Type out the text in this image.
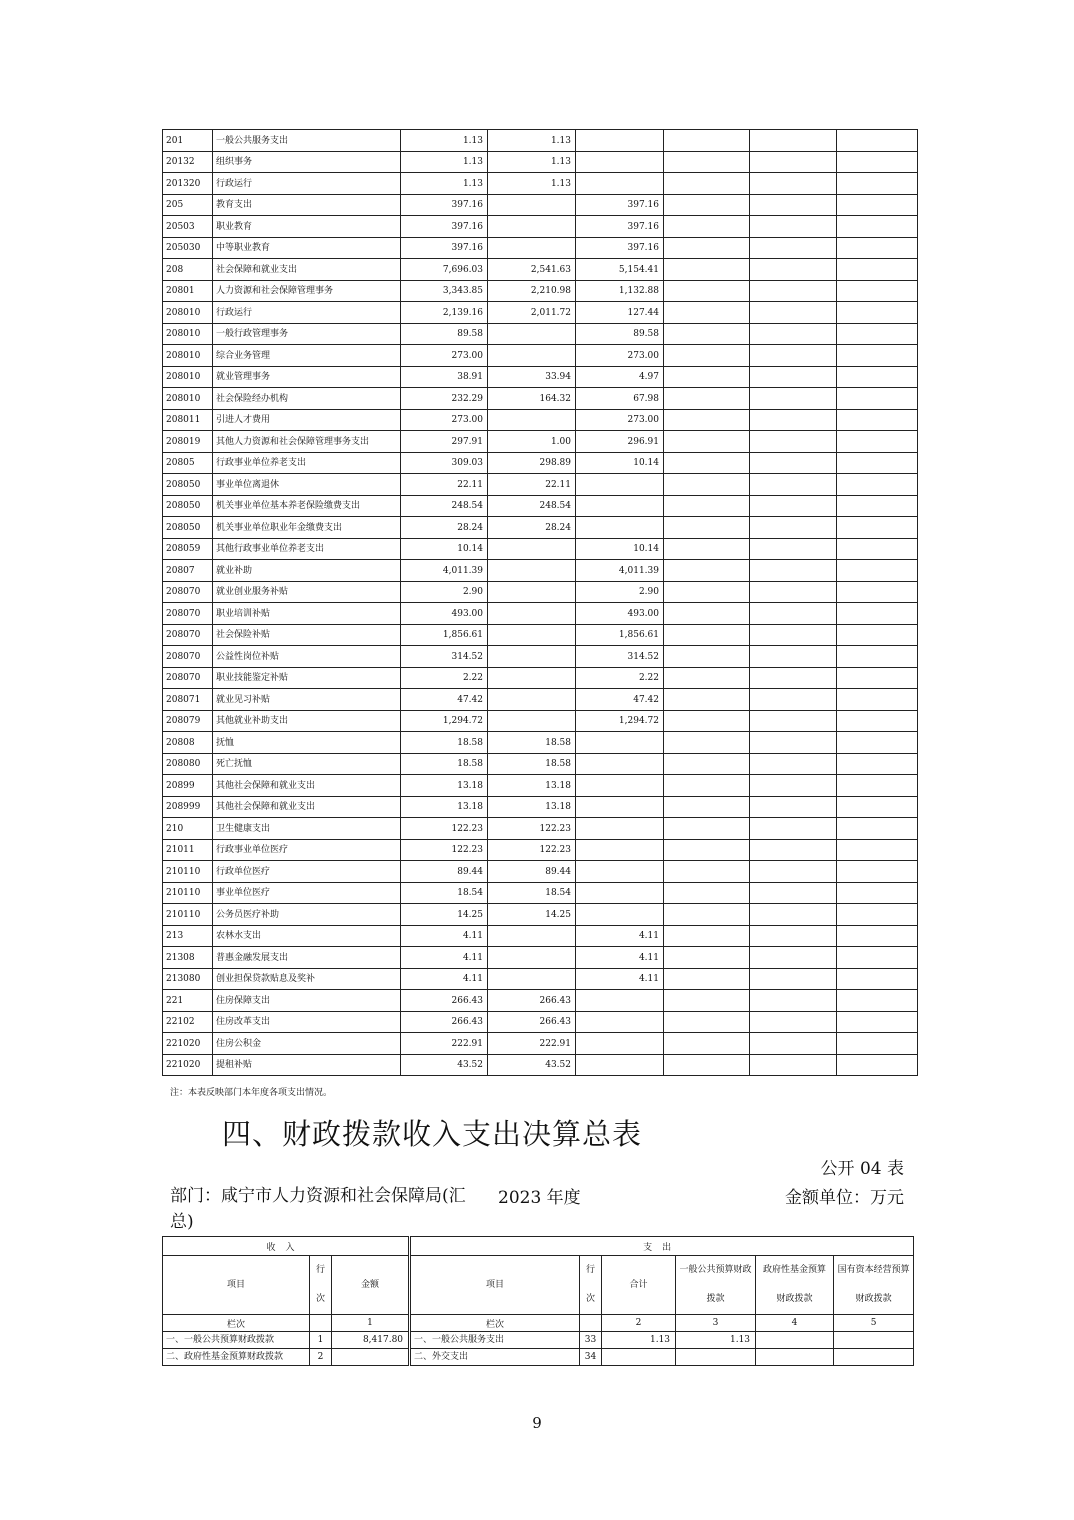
201	一般公共服务支出	1.13	1.13				
20132	组织事务	1.13	1.13				
201320	行政运行	1.13	1.13				
205	教育支出	397.16		397.16			
20503	职业教育	397.16		397.16			
205030	中等职业教育	397.16		397.16			
208	社会保障和就业支出	7,696.03	2,541.63	5,154.41			
20801	人力资源和社会保障管理事务	3,343.85	2,210.98	1,132.88			
208010	行政运行	2,139.16	2,011.72	127.44			
208010	一般行政管理事务	89.58		89.58			
208010	综合业务管理	273.00		273.00			
208010	就业管理事务	38.91	33.94	4.97			
208010	社会保险经办机构	232.29	164.32	67.98			
208011	引进人才费用	273.00		273.00			
208019	其他人力资源和社会保障管理事务支出	297.91	1.00	296.91			
20805	行政事业单位养老支出	309.03	298.89	10.14			
208050	事业单位离退休	22.11	22.11				
208050	机关事业单位基本养老保险缴费支出	248.54	248.54				
208050	机关事业单位职业年金缴费支出	28.24	28.24				
208059	其他行政事业单位养老支出	10.14		10.14			
20807	就业补助	4,011.39		4,011.39			
208070	就业创业服务补贴	2.90		2.90			
208070	职业培训补贴	493.00		493.00			
208070	社会保险补贴	1,856.61		1,856.61			
208070	公益性岗位补贴	314.52		314.52			
208070	职业技能鉴定补贴	2.22		2.22			
208071	就业见习补贴	47.42		47.42			
208079	其他就业补助支出	1,294.72		1,294.72			
20808	抚恤	18.58	18.58				
208080	死亡抚恤	18.58	18.58				
20899	其他社会保障和就业支出	13.18	13.18				
208999	其他社会保障和就业支出	13.18	13.18				
210	卫生健康支出	122.23	122.23				
21011	行政事业单位医疗	122.23	122.23				
210110	行政单位医疗	89.44	89.44				
210110	事业单位医疗	18.54	18.54				
210110	公务员医疗补助	14.25	14.25				
213	农林水支出	4.11		4.11			
21308	普惠金融发展支出	4.11		4.11			
213080	创业担保贷款贴息及奖补	4.11		4.11			
221	住房保障支出	266.43	266.43				
22102	住房改革支出	266.43	266.43				
221020	住房公积金	222.91	222.91				
221020	提租补贴	43.52	43.52				
注：本表反映部门本年度各项支出情况。
四、财政拨款收入支出决算总表
公开 04 表
部门：咸宁市人力资源和社会保障局(汇总)
2023 年度	金额单位：万元
收入			支出					
项目	行次	金额	项目	行次	合计	一般公共预算财政拨款	政府性基金预算财政拨款	国有资本经营预算财政拨款
栏次		1	栏次		2	3	4	5
一、一般公共预算财政拨款	1	8,417.80	一、一般公共服务支出	33	1.13	1.13		
二、政府性基金预算财政拨款	2		二、外交支出	34				
9
